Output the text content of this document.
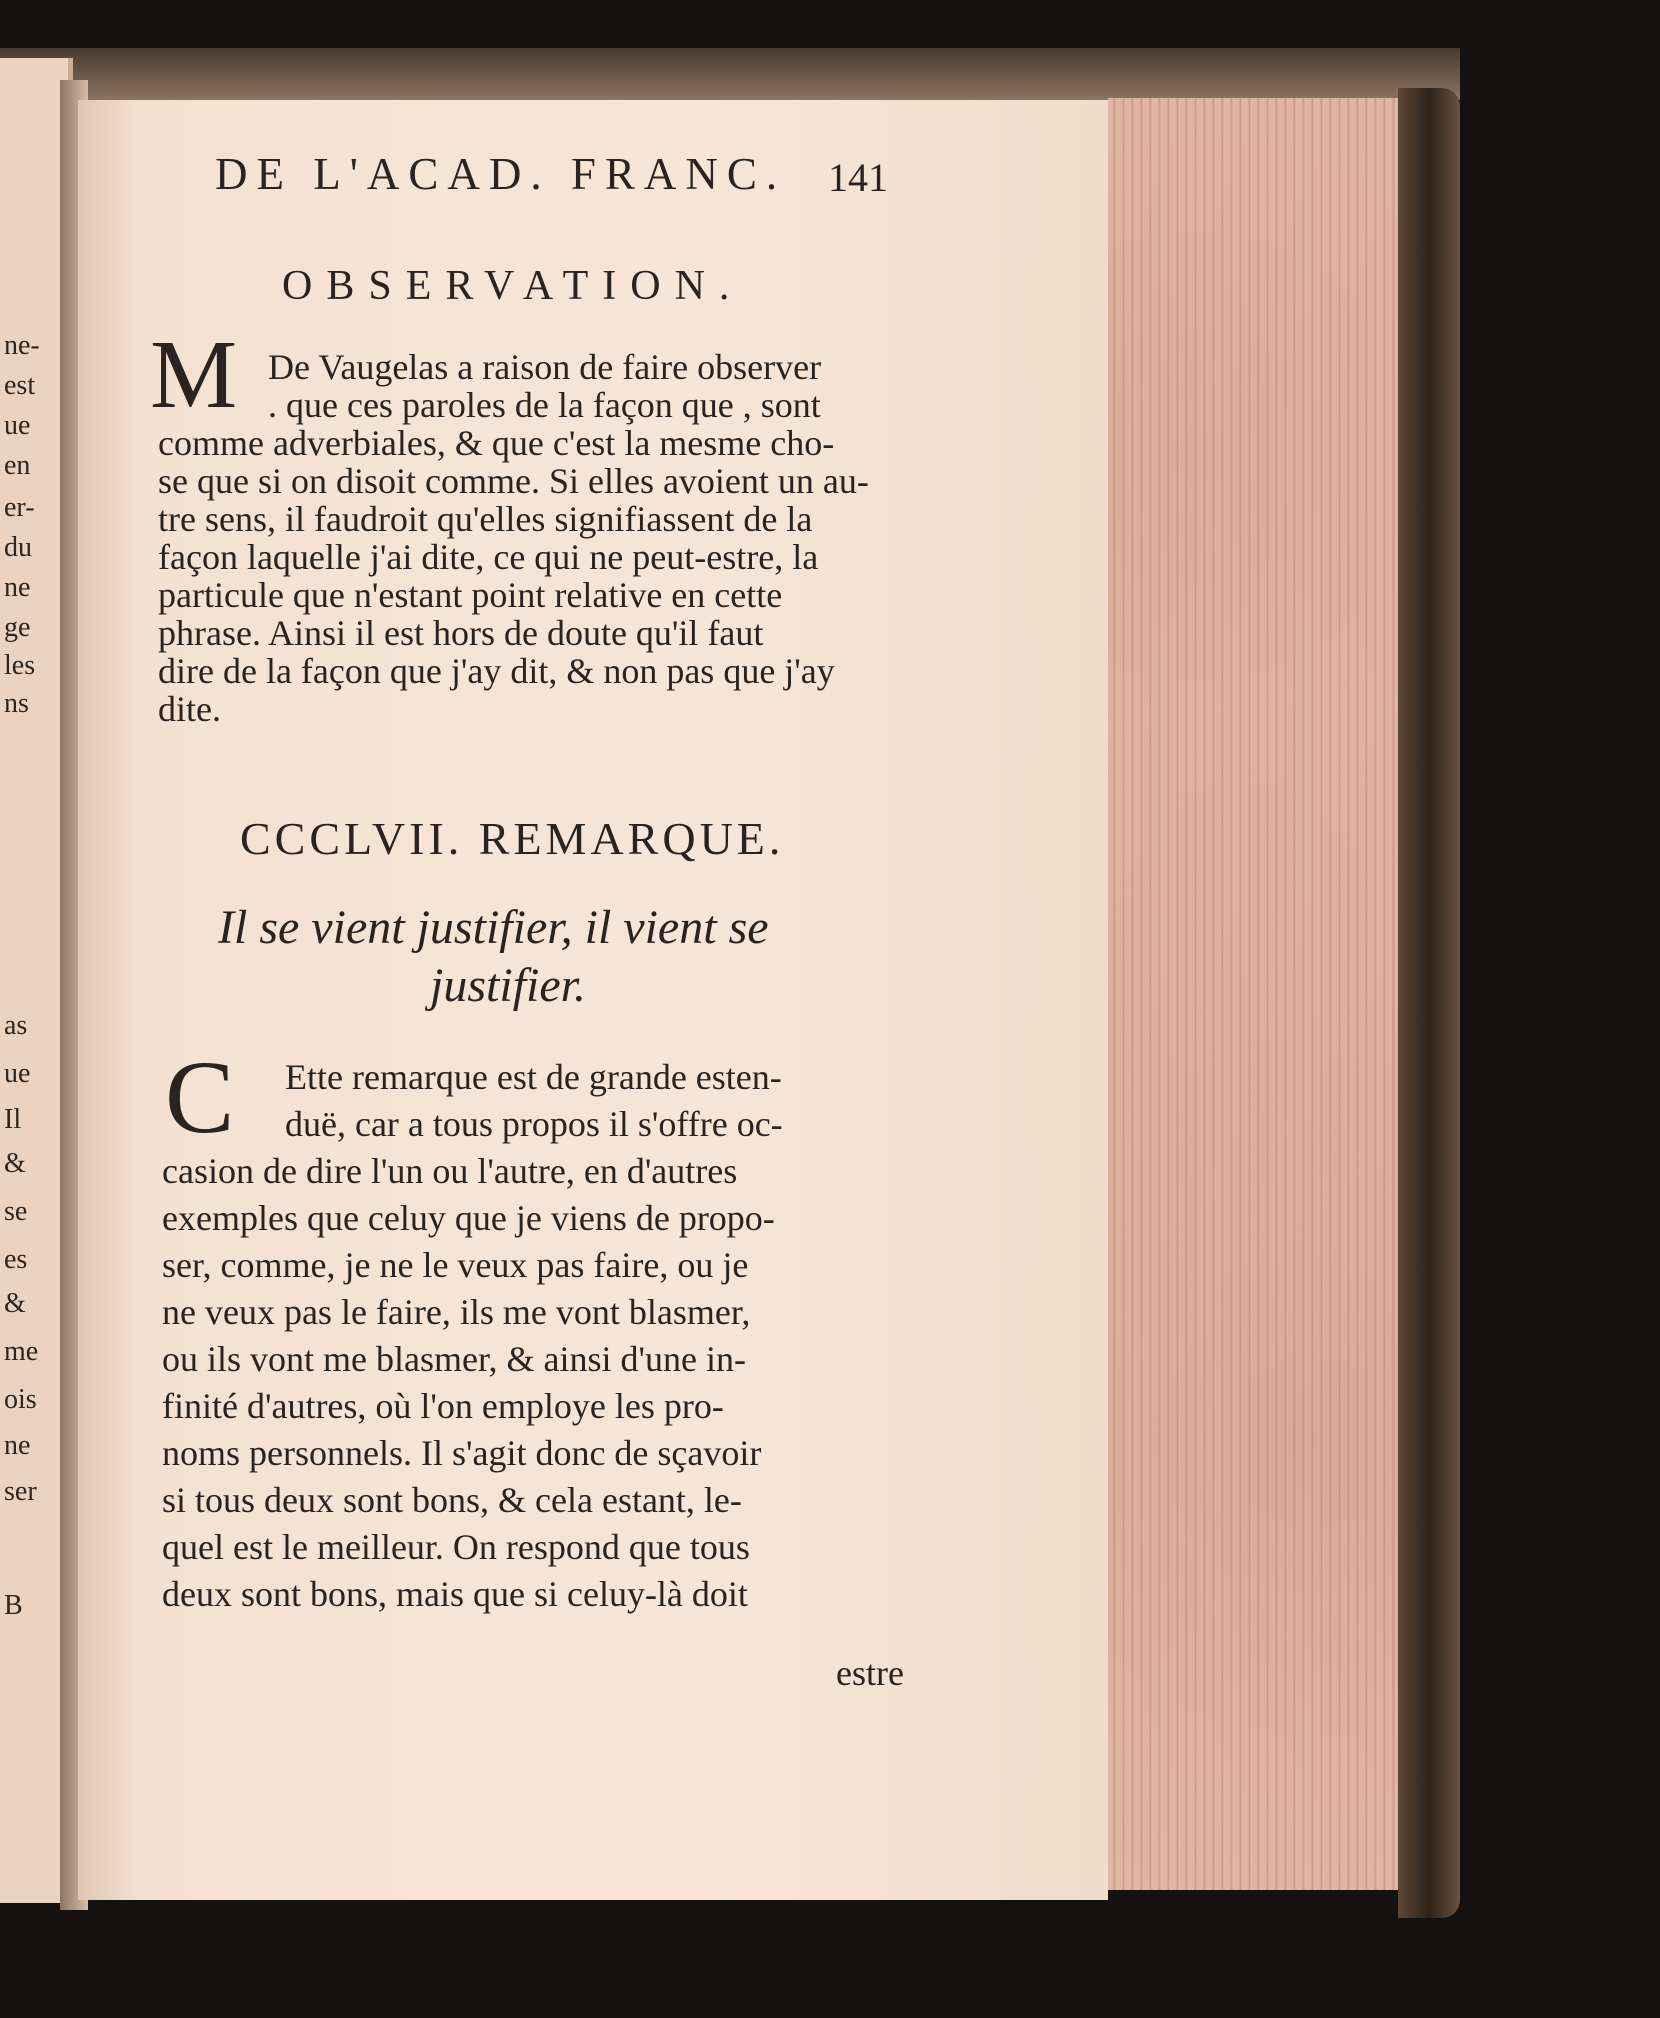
ne-
est
ue
en
er-
du
ne
ge
les
ns
as
ue
Il
&
se
es
&
me
ois
ne
ser
B
DE L'ACAD. FRANC. 141
OBSERVATION.
M De Vaugelas a raison de faire observer
. que ces paroles de la façon que , sont
comme adverbiales, & que c'est la mesme cho-
se que si on disoit comme. Si elles avoient un au-
tre sens, il faudroit qu'elles signifiassent de la
façon laquelle j'ai dite, ce qui ne peut-estre, la
particule que n'estant point relative en cette
phrase. Ainsi il est hors de doute qu'il faut
dire de la façon que j'ay dit, & non pas que j'ay
dite.
CCCLVII. REMARQUE.
Il se vient justifier, il vient se
justifier.
C Ette remarque est de grande esten-
duë, car a tous propos il s'offre oc-
casion de dire l'un ou l'autre, en d'autres
exemples que celuy que je viens de propo-
ser, comme, je ne le veux pas faire, ou je
ne veux pas le faire, ils me vont blasmer,
ou ils vont me blasmer, & ainsi d'une in-
finité d'autres, où l'on employe les pro-
noms personnels. Il s'agit donc de sçavoir
si tous deux sont bons, & cela estant, le-
quel est le meilleur. On respond que tous
deux sont bons, mais que si celuy-là doit
estre
